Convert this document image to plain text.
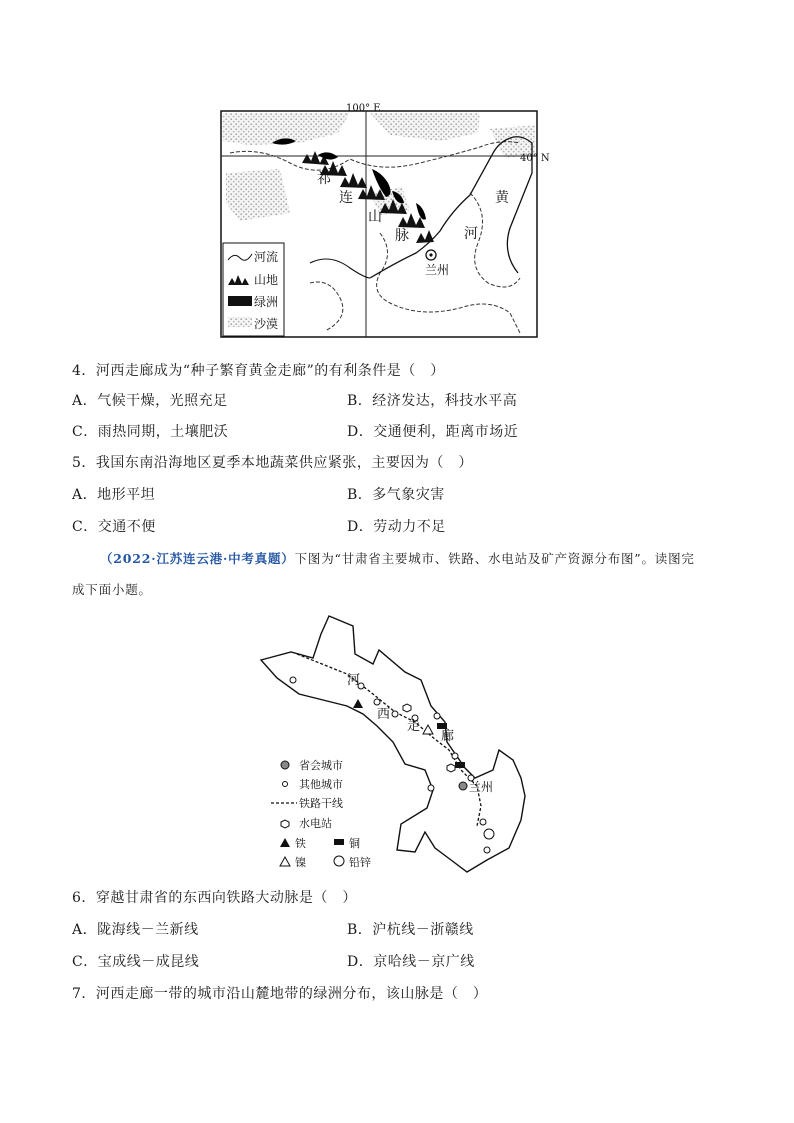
100° E
40° N
祁
连
山
脉
黄
河
兰州
河流
山地
绿洲
沙漠
4．河西走廊成为“种子繁育黄金走廊”的有利条件是（　）
A．气候干燥，光照充足	B．经济发达，科技水平高
C．雨热同期，土壤肥沃	D．交通便利，距离市场近
5．我国东南沿海地区夏季本地蔬菜供应紧张，主要因为（　）
A．地形平坦	B．多气象灾害
C．交通不便	D．劳动力不足
（2022·江苏连云港·中考真题）下图为“甘肃省主要城市、铁路、水电站及矿产资源分布图”。读图完
成下面小题。
兰州
河
西
走
廊
省会城市
其他城市
铁路干线
水电站
铁	铜
镍	铅锌
6．穿越甘肃省的东西向铁路大动脉是（　）
A．陇海线－兰新线	B．沪杭线－浙赣线
C．宝成线－成昆线	D．京哈线－京广线
7．河西走廊一带的城市沿山麓地带的绿洲分布，该山脉是（　）
